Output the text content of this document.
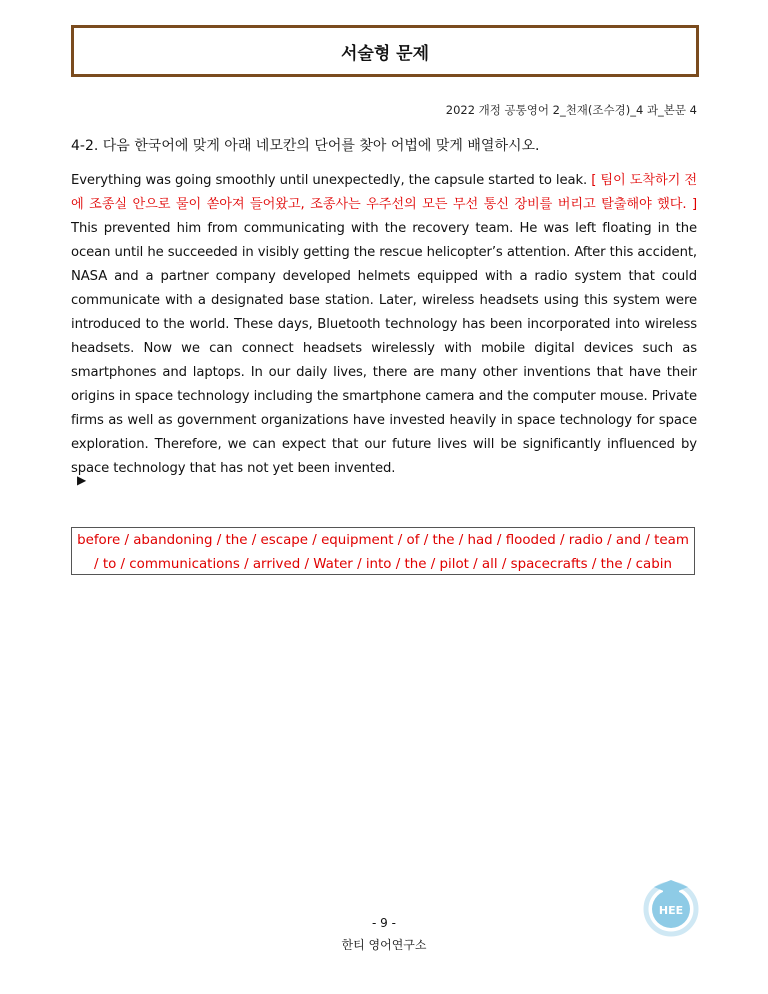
서술형 문제
2022 개정 공통영어 2_천재(조수경)_4 과_본문 4
4-2. 다음 한국어에 맞게 아래 네모칸의 단어를 찾아 어법에 맞게 배열하시오.
Everything was going smoothly until unexpectedly, the capsule started to leak. [ 팀이 도착하기 전에 조종실 안으로 물이 쏟아져 들어왔고, 조종사는 우주선의 모든 무선 통신 장비를 버리고 탈출해야 했다. ] This prevented him from communicating with the recovery team. He was left floating in the ocean until he succeeded in visibly getting the rescue helicopter’s attention. After this accident, NASA and a partner company developed helmets equipped with a radio system that could communicate with a designated base station. Later, wireless headsets using this system were introduced to the world. These days, Bluetooth technology has been incorporated into wireless headsets. Now we can connect headsets wirelessly with mobile digital devices such as smartphones and laptops. In our daily lives, there are many other inventions that have their origins in space technology including the smartphone camera and the computer mouse. Private firms as well as government organizations have invested heavily in space technology for space exploration. Therefore, we can expect that our future lives will be significantly influenced by space technology that has not yet been invented.
▶
before / abandoning / the / escape / equipment / of / the / had / flooded / radio / and / team
/ to / communications / arrived / Water / into / the / pilot / all / spacecrafts / the / cabin
HEE
- 9 -
한티 영어연구소
